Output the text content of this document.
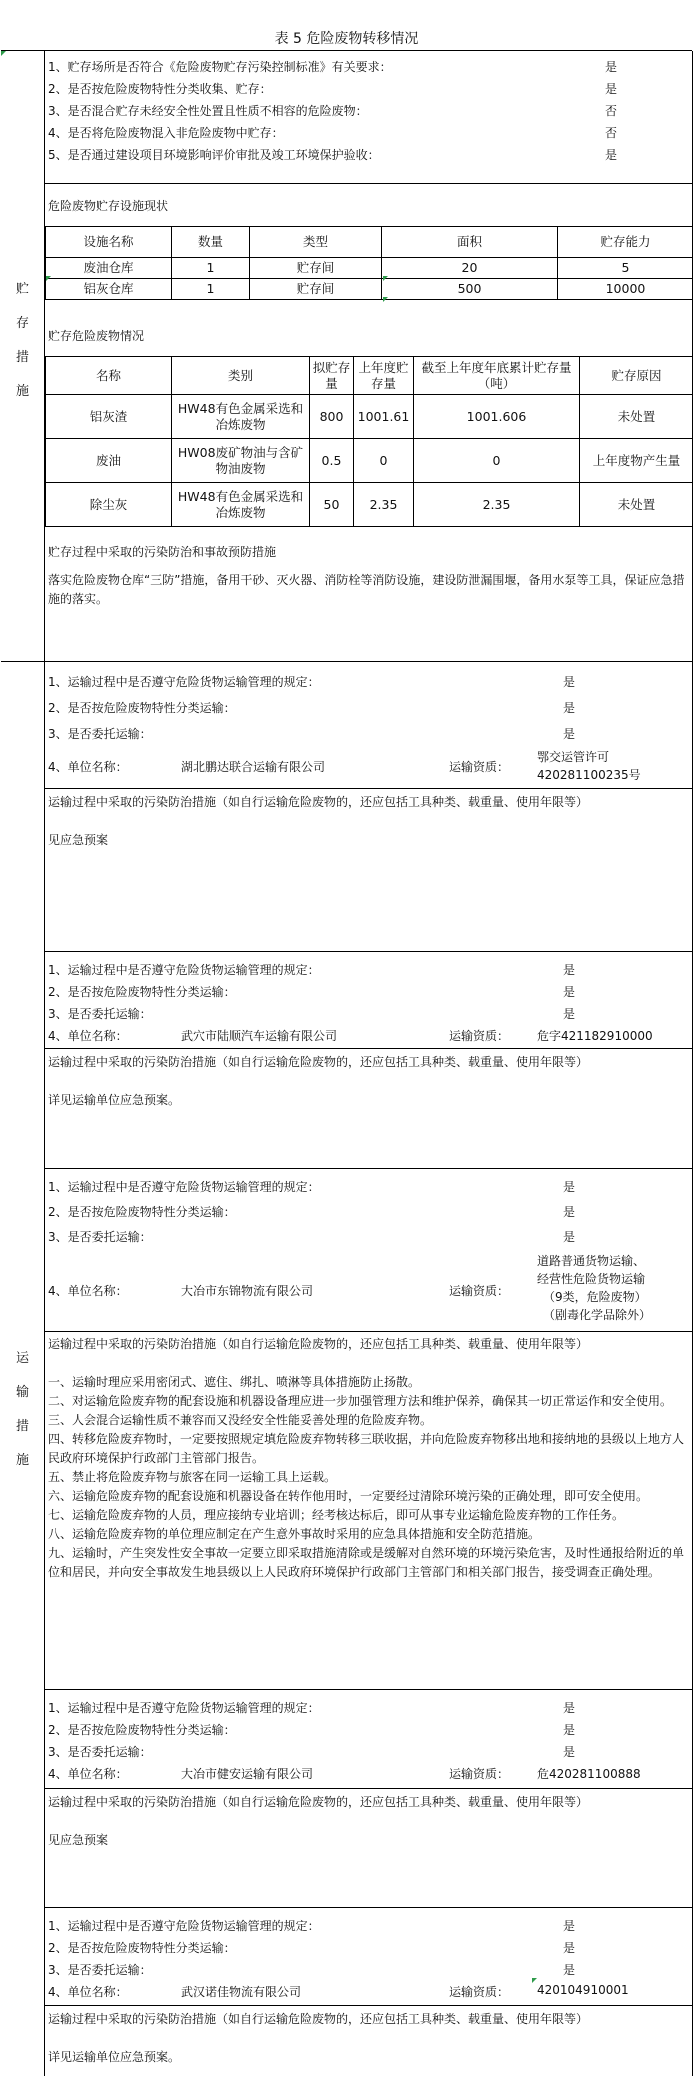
表 5 危险废物转移情况
贮
存
措
施
1、贮存场所是否符合《危险废物贮存污染控制标准》有关要求：	是
2、是否按危险废物特性分类收集、贮存：	是
3、是否混合贮存未经安全性处置且性质不相容的危险废物：	否
4、是否将危险废物混入非危险废物中贮存：	否
5、是否通过建设项目环境影响评价审批及竣工环境保护验收：	是
危险废物贮存设施现状
设施名称	数量	类型	面积	贮存能力
废油仓库	1	贮存间	20	5
铝灰仓库	1	贮存间	500	10000
贮存危险废物情况
名称	类别	拟贮存量	上年度贮存量	截至上年度年底累计贮存量（吨）	贮存原因
铝灰渣	HW48有色金属采选和冶炼废物	800	1001.61	1001.606	未处置
废油	HW08废矿物油与含矿物油废物	0.5	0	0	上年度物产生量
除尘灰	HW48有色金属采选和冶炼废物	50	2.35	2.35	未处置
贮存过程中采取的污染防治和事故预防措施
落实危险废物仓库“三防”措施，备用干砂、灭火器、消防栓等消防设施，建设防泄漏围堰，备用水泵等工具，保证应急措施的落实。
运
输
措
施
1、运输过程中是否遵守危险货物运输管理的规定：	是
2、是否按危险废物特性分类运输：	是
3、是否委托运输：	是
4、单位名称：	湖北鹏达联合运输有限公司	运输资质：
鄂交运管许可
420281100235号
运输过程中采取的污染防治措施（如自行运输危险废物的，还应包括工具种类、载重量、使用年限等）
见应急预案
1、运输过程中是否遵守危险货物运输管理的规定：	是
2、是否按危险废物特性分类运输：	是
3、是否委托运输：	是
4、单位名称：	武穴市陆顺汽车运输有限公司	运输资质： 危字421182910000
运输过程中采取的污染防治措施（如自行运输危险废物的，还应包括工具种类、载重量、使用年限等）
详见运输单位应急预案。
1、运输过程中是否遵守危险货物运输管理的规定：	是
2、是否按危险废物特性分类运输：	是
3、是否委托运输：	是
4、单位名称：	大冶市东锦物流有限公司	运输资质：
道路普通货物运输、
经营性危险货物运输
（9类，危险废物）
（剧毒化学品除外）
运输过程中采取的污染防治措施（如自行运输危险废物的，还应包括工具种类、载重量、使用年限等）
一、运输时理应采用密闭式、遮住、绑扎、喷淋等具体措施防止扬散。
二、对运输危险废弃物的配套设施和机器设备理应进一步加强管理方法和维护保养，确保其一切正常运作和安全使用。
三、人会混合运输性质不兼容而又没经安全性能妥善处理的危险废弃物。
四、转移危险废弃物时，一定要按照规定填危险废弃物转移三联收据，并向危险废弃物移出地和接纳地的县级以上地方人民政府环境保护行政部门主管部门报告。
五、禁止将危险废弃物与旅客在同一运输工具上运载。
六、运输危险废弃物的配套设施和机器设备在转作他用时，一定要经过清除环境污染的正确处理，即可安全使用。
七、运输危险废弃物的人员，理应接纳专业培训；经考核达标后，即可从事专业运输危险废弃物的工作任务。
八、运输危险废弃物的单位理应制定在产生意外事故时采用的应急具体措施和安全防范措施。
九、运输时，产生突发性安全事故一定要立即采取措施清除或是缓解对自然环境的环境污染危害，及时性通报给附近的单位和居民，并向安全事故发生地县级以上人民政府环境保护行政部门主管部门和相关部门报告，接受调查正确处理。
1、运输过程中是否遵守危险货物运输管理的规定：	是
2、是否按危险废物特性分类运输：	是
3、是否委托运输：	是
4、单位名称：	大冶市健安运输有限公司	运输资质： 危420281100888
运输过程中采取的污染防治措施（如自行运输危险废物的，还应包括工具种类、载重量、使用年限等）
见应急预案
1、运输过程中是否遵守危险货物运输管理的规定：	是
2、是否按危险废物特性分类运输：	是
3、是否委托运输：	是
4、单位名称：	武汉诺佳物流有限公司	运输资质： 420104910001
运输过程中采取的污染防治措施（如自行运输危险废物的，还应包括工具种类、载重量、使用年限等）
详见运输单位应急预案。
